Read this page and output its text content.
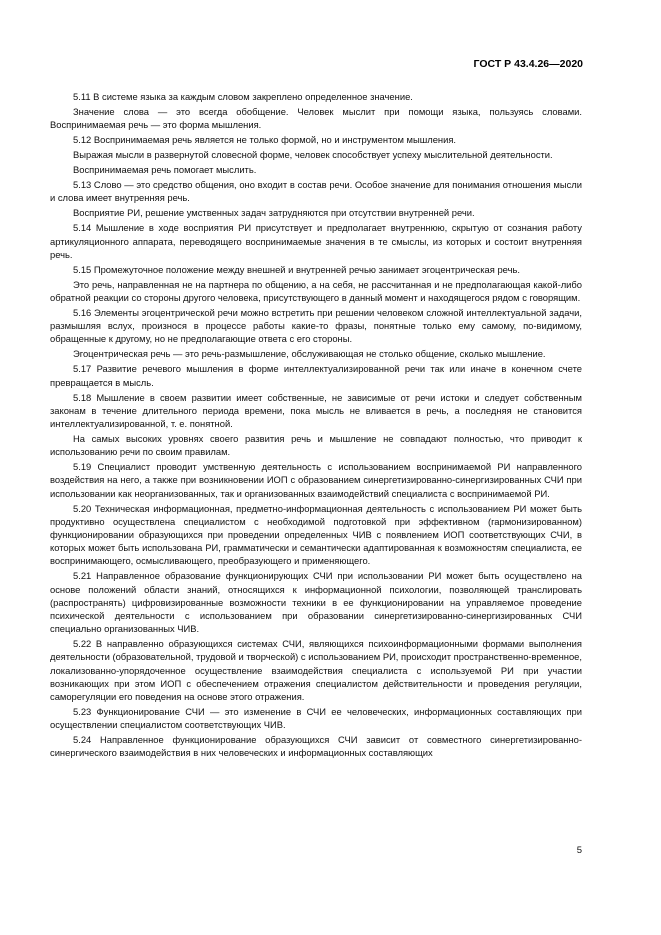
ГОСТ Р 43.4.26—2020

5.11 В системе языка за каждым словом закреплено определенное значение.

Значение слова — это всегда обобщение. Человек мыслит при помощи языка, пользуясь словами. Воспринимаемая речь — это форма мышления.

5.12 Воспринимаемая речь является не только формой, но и инструментом мышления.

Выражая мысли в развернутой словесной форме, человек способствует успеху мыслительной деятельности.

Воспринимаемая речь помогает мыслить.

5.13 Слово — это средство общения, оно входит в состав речи. Особое значение для понимания отношения мысли и слова имеет внутренняя речь.

Восприятие РИ, решение умственных задач затрудняются при отсутствии внутренней речи.

5.14 Мышление в ходе восприятия РИ присутствует и предполагает внутреннюю, скрытую от сознания работу артикуляционного аппарата, переводящего воспринимаемые значения в те смыслы, из которых и состоит внутренняя речь.

5.15 Промежуточное положение между внешней и внутренней речью занимает эгоцентрическая речь.

Это речь, направленная не на партнера по общению, а на себя, не рассчитанная и не предполагающая какой-либо обратной реакции со стороны другого человека, присутствующего в данный момент и находящегося рядом с говорящим.

5.16 Элементы эгоцентрической речи можно встретить при решении человеком сложной интеллектуальной задачи, размышляя вслух, произнося в процессе работы какие-то фразы, понятные только ему самому, по-видимому, обращенные к другому, но не предполагающие ответа с его стороны.

Эгоцентрическая речь — это речь-размышление, обслуживающая не столько общение, сколько мышление.

5.17 Развитие речевого мышления в форме интеллектуализированной речи так или иначе в конечном счете превращается в мысль.

5.18 Мышление в своем развитии имеет собственные, не зависимые от речи истоки и следует собственным законам в течение длительного периода времени, пока мысль не вливается в речь, а последняя не становится интеллектуализированной, т. е. понятной.

На самых высоких уровнях своего развития речь и мышление не совпадают полностью, что приводит к использованию речи по своим правилам.

5.19 Специалист проводит умственную деятельность с использованием воспринимаемой РИ направленного воздействия на него, а также при возникновении ИОП с образованием синергетизированно-синергизированных СЧИ при использовании как неорганизованных, так и организованных взаимодействий специалиста с воспринимаемой РИ.

5.20 Техническая информационная, предметно-информационная деятельность с использованием РИ может быть продуктивно осуществлена специалистом с необходимой подготовкой при эффективном (гармонизированном) функционировании образующихся при проведении определенных ЧИВ с появлением ИОП соответствующих СЧИ, в которых может быть использована РИ, грамматически и семантически адаптированная к возможностям специалиста, ее воспринимающего, осмысливающего, преобразующего и применяющего.

5.21 Направленное образование функционирующих СЧИ при использовании РИ может быть осуществлено на основе положений области знаний, относящихся к информационной психологии, позволяющей транслировать (распространять) цифровизированные возможности техники в ее функционировании на управляемое проведение психической деятельности с использованием при образовании синергетизированно-синергизированных СЧИ специально организованных ЧИВ.

5.22 В направленно образующихся системах СЧИ, являющихся психоинформационными формами выполнения деятельности (образовательной, трудовой и творческой) с использованием РИ, происходит пространственно-временное, локализованно-упорядоченное осуществление взаимодействия специалиста с используемой РИ при участии возникающих при этом ИОП с обеспечением отражения специалистом действительности и проведения регуляции, саморегуляции его поведения на основе этого отражения.

5.23 Функционирование СЧИ — это изменение в СЧИ ее человеческих, информационных составляющих при осуществлении специалистом соответствующих ЧИВ.

5.24 Направленное функционирование образующихся СЧИ зависит от совместного синергетизированно-синергического взаимодействия в них человеческих и информационных составляющих

5
